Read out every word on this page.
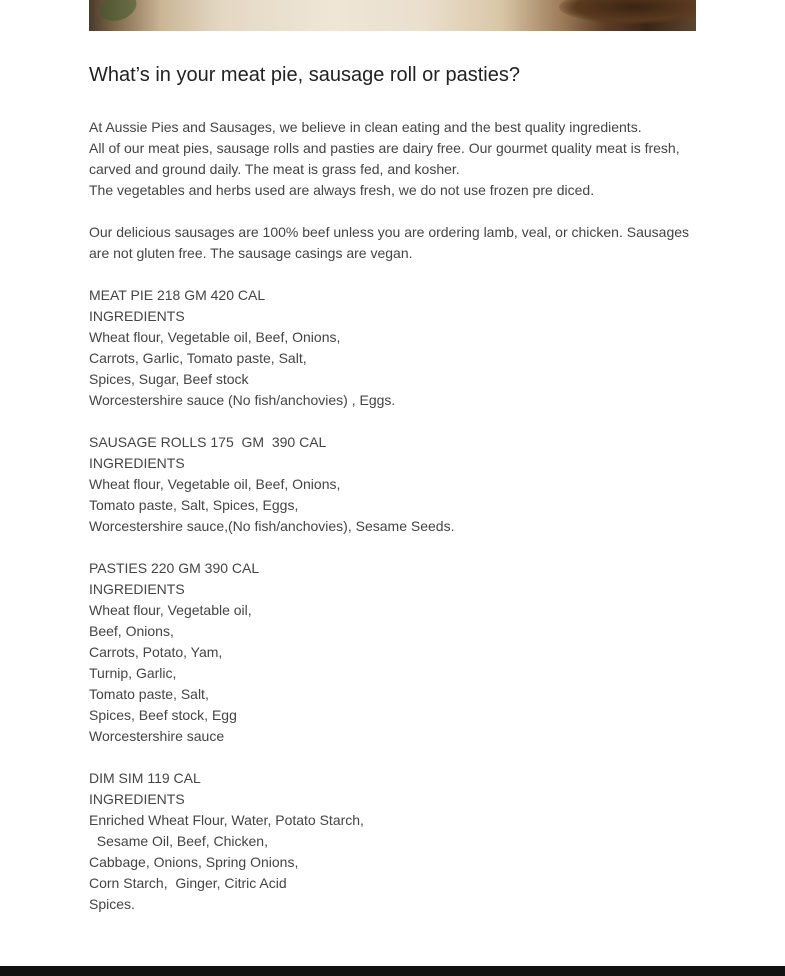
What’s in your meat pie, sausage roll or pasties?
At Aussie Pies and Sausages, we believe in clean eating and the best quality ingredients.
All of our meat pies, sausage rolls and pasties are dairy free. Our gourmet quality meat is fresh, carved and ground daily. The meat is grass fed, and kosher.
The vegetables and herbs used are always fresh, we do not use frozen pre diced.
Our delicious sausages are 100% beef unless you are ordering lamb, veal, or chicken. Sausages are not gluten free. The sausage casings are vegan.
MEAT PIE 218 GM 420 CAL
INGREDIENTS
Wheat flour, Vegetable oil, Beef, Onions,
Carrots, Garlic, Tomato paste, Salt,
Spices, Sugar, Beef stock
Worcestershire sauce (No fish/anchovies) , Eggs.
SAUSAGE ROLLS 175  GM  390 CAL
INGREDIENTS
Wheat flour, Vegetable oil, Beef, Onions,
Tomato paste, Salt, Spices, Eggs,
Worcestershire sauce,(No fish/anchovies), Sesame Seeds.
PASTIES 220 GM 390 CAL
INGREDIENTS
Wheat flour, Vegetable oil,
Beef, Onions,
Carrots, Potato, Yam,
Turnip, Garlic,
Tomato paste, Salt,
Spices, Beef stock, Egg
Worcestershire sauce
DIM SIM 119 CAL
INGREDIENTS
Enriched Wheat Flour, Water, Potato Starch,
Sesame Oil, Beef, Chicken,
Cabbage, Onions, Spring Onions,
Corn Starch,  Ginger, Citric Acid
Spices.
